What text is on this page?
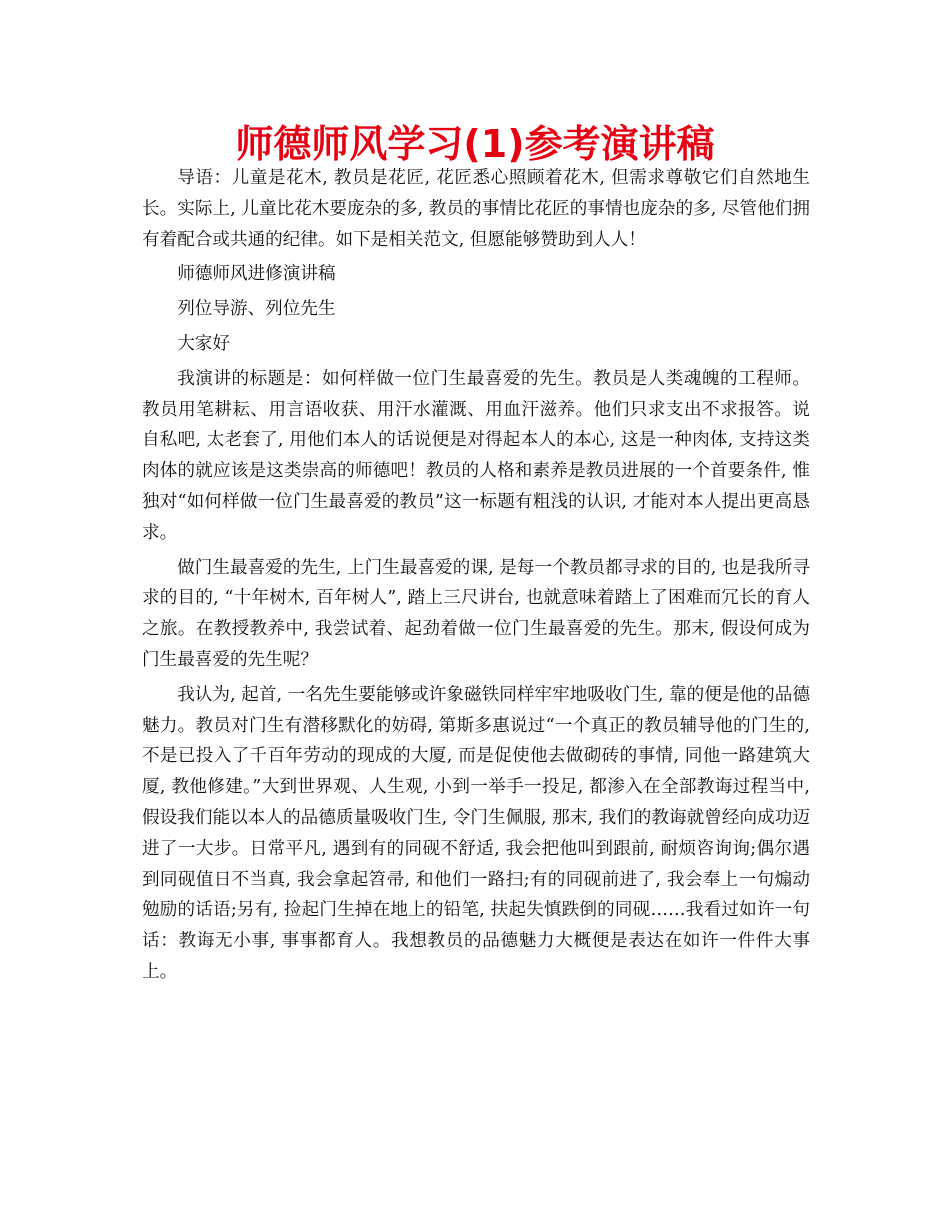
师德师风学习(1)参考演讲稿

导语：儿童是花木, 教员是花匠, 花匠悉心照顾着花木, 但需求尊敬它们自然地生长。实际上, 儿童比花木要庞杂的多, 教员的事情比花匠的事情也庞杂的多, 尽管他们拥有着配合或共通的纪律。如下是相关范文, 但愿能够赞助到人人！

师德师风进修演讲稿

列位导游、列位先生

大家好

我演讲的标题是：如何样做一位门生最喜爱的先生。教员是人类魂魄的工程师。教员用笔耕耘、用言语收获、用汗水灌溉、用血汗滋养。他们只求支出不求报答。说自私吧, 太老套了, 用他们本人的话说便是对得起本人的本心, 这是一种肉体, 支持这类肉体的就应该是这类崇高的师德吧！教员的人格和素养是教员进展的一个首要条件, 惟独对“如何样做一位门生最喜爱的教员”这一标题有粗浅的认识, 才能对本人提出更高恳求。

做门生最喜爱的先生, 上门生最喜爱的课, 是每一个教员都寻求的目的, 也是我所寻求的目的, “十年树木, 百年树人”, 踏上三尺讲台, 也就意味着踏上了困难而冗长的育人之旅。在教授教养中, 我尝试着、起劲着做一位门生最喜爱的先生。那末, 假设何成为门生最喜爱的先生呢？

我认为, 起首, 一名先生要能够或许象磁铁同样牢牢地吸收门生, 靠的便是他的品德魅力。教员对门生有潜移默化的妨碍, 第斯多惠说过“一个真正的教员辅导他的门生的, 不是已投入了千百年劳动的现成的大厦, 而是促使他去做砌砖的事情, 同他一路建筑大厦, 教他修建。”大到世界观、人生观, 小到一举手一投足, 都渗入在全部教诲过程当中, 假设我们能以本人的品德质量吸收门生, 令门生佩服, 那末, 我们的教诲就曾经向成功迈进了一大步。日常平凡, 遇到有的同砚不舒适, 我会把他叫到跟前, 耐烦咨询询;偶尔遇到同砚值日不当真, 我会拿起笤帚, 和他们一路扫;有的同砚前进了, 我会奉上一句煽动勉励的话语;另有, 捡起门生掉在地上的铅笔, 扶起失慎跌倒的同砚……我看过如许一句话：教诲无小事, 事事都育人。我想教员的品德魅力大概便是表达在如许一件件大事上。
